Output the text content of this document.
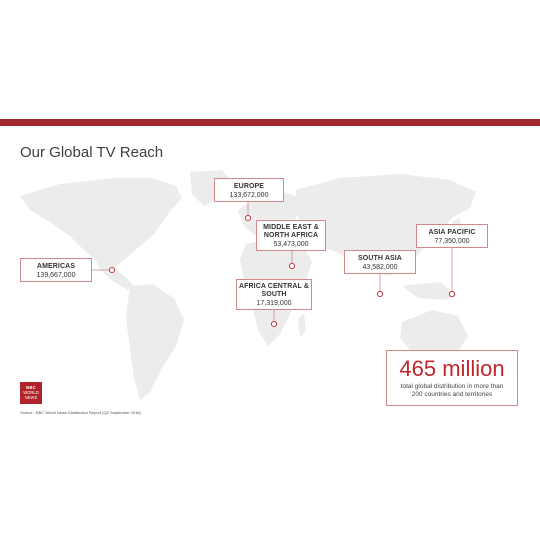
Our Global TV Reach
EUROPE
133,672,000
MIDDLE EAST &
NORTH AFRICA
53,473,000
AMERICAS
139,667,000
SOUTH ASIA
43,582,000
ASIA PACIFIC
77,350,000
AFRICA CENTRAL &
SOUTH
17,319,000
465 million
total global distribution in more than
200 countries and territories
BBC
WORLD
NEWS
Source : BBC World News Distribution Report (Q2 September 2018).
